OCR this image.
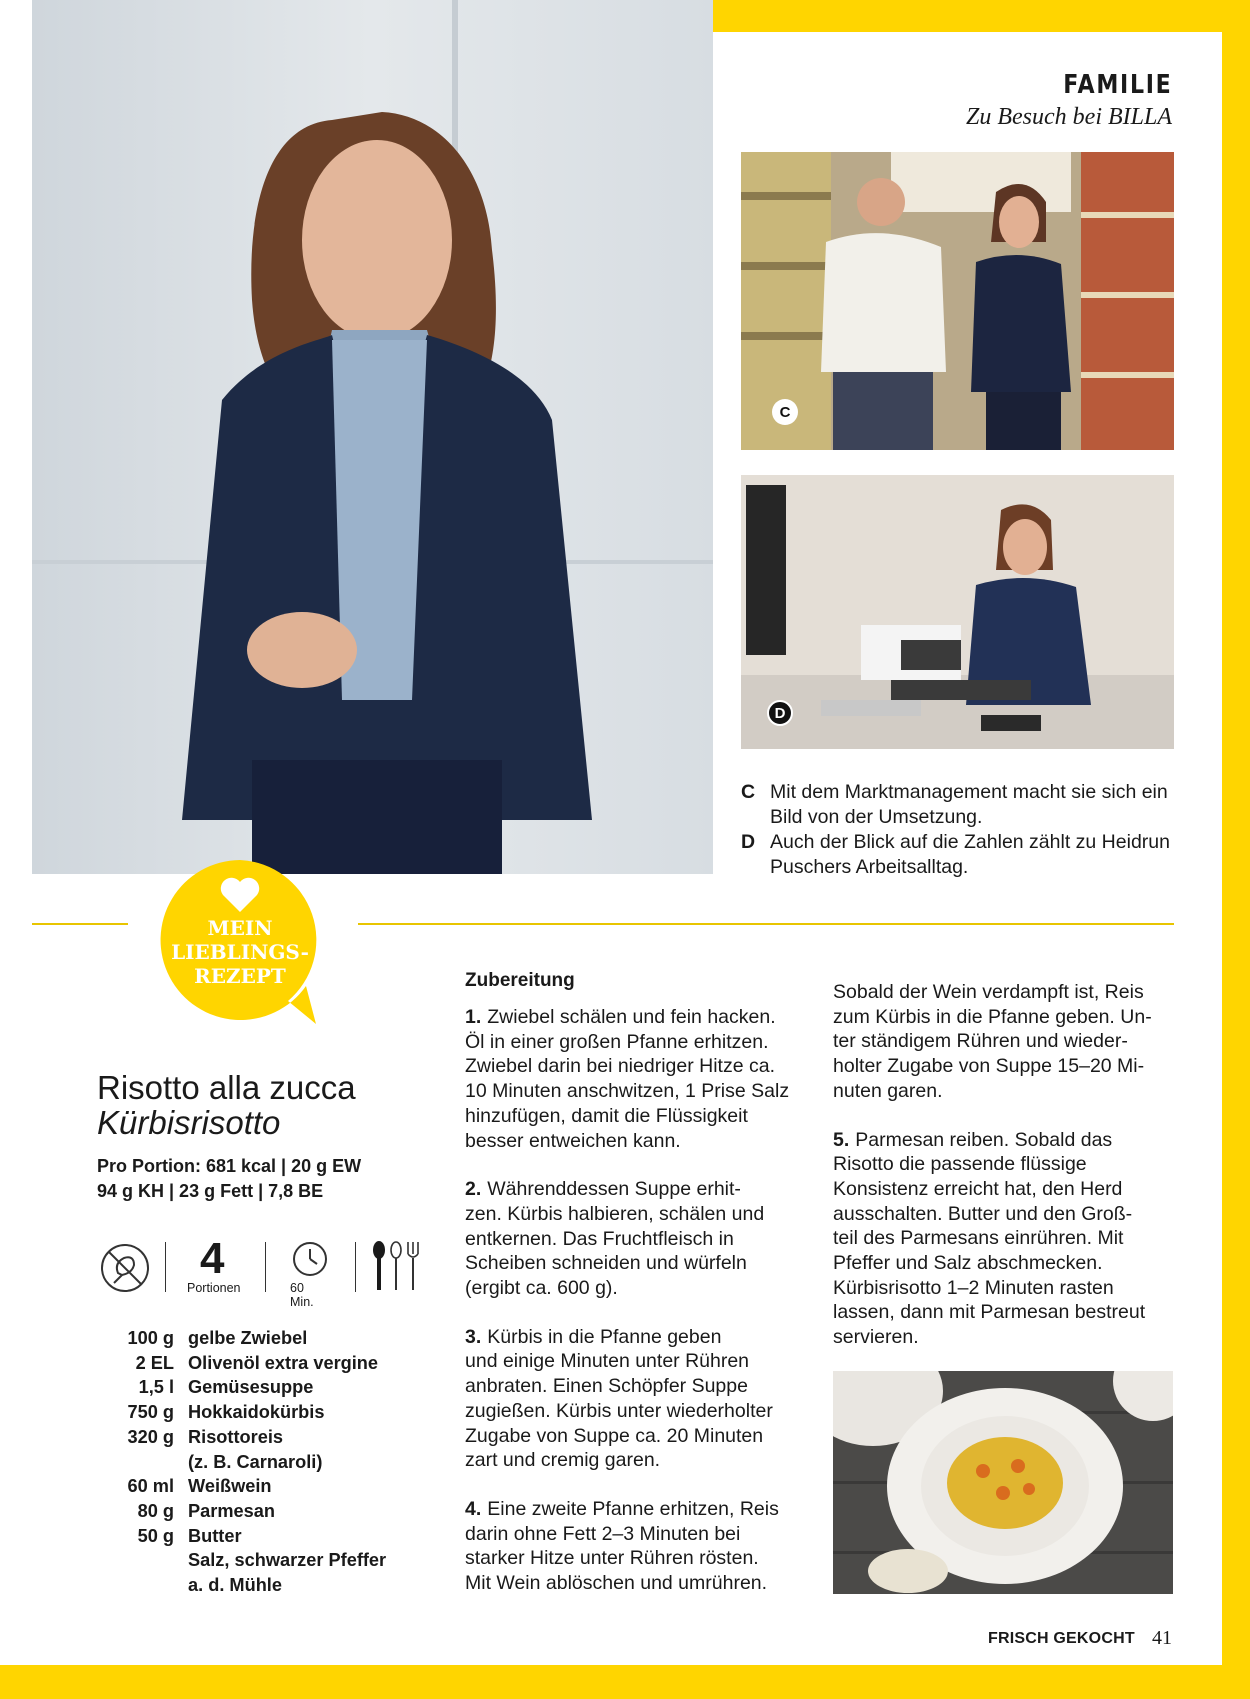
FAMILIE
Zu Besuch bei BILLA
C
D
C Mit dem Marktmanagement macht sie sich ein Bild von der Umsetzung.
D Auch der Blick auf die Zahlen zählt zu Heidrun Puschers Arbeitsalltag.
MEIN
LIEBLINGS-
REZEPT
Risotto alla zucca
Kürbisrisotto
Pro Portion: 681 kcal | 20 g EW
94 g KH | 23 g Fett | 7,8 BE
4
Portionen	60 Min.
100 g gelbe Zwiebel
2 EL Olivenöl extra vergine
1,5 l Gemüsesuppe
750 g Hokkaidokürbis
320 g Risottoreis
(z. B. Carnaroli)
60 ml Weißwein
80 g Parmesan
50 g Butter
Salz, schwarzer Pfeffer
a. d. Mühle
Zubereitung
1. Zwiebel schälen und fein hacken.
Öl in einer großen Pfanne erhitzen.
Zwiebel darin bei niedriger Hitze ca.
10 Minuten anschwitzen, 1 Prise Salz
hinzufügen, damit die Flüssigkeit
besser entweichen kann.
2. Währenddessen Suppe erhit-
zen. Kürbis halbieren, schälen und
entkernen. Das Fruchtfleisch in
Scheiben schneiden und würfeln
(ergibt ca. 600 g).
3. Kürbis in die Pfanne geben
und einige Minuten unter Rühren
anbraten. Einen Schöpfer Suppe
zugießen. Kürbis unter wiederholter
Zugabe von Suppe ca. 20 Minuten
zart und cremig garen.
4. Eine zweite Pfanne erhitzen, Reis
darin ohne Fett 2–3 Minuten bei
starker Hitze unter Rühren rösten.
Mit Wein ablöschen und umrühren.
Sobald der Wein verdampft ist, Reis
zum Kürbis in die Pfanne geben. Un-
ter ständigem Rühren und wieder-
holter Zugabe von Suppe 15–20 Mi-
nuten garen.
5. Parmesan reiben. Sobald das
Risotto die passende flüssige
Konsistenz erreicht hat, den Herd
ausschalten. Butter und den Groß-
teil des Parmesans einrühren. Mit
Pfeffer und Salz abschmecken.
Kürbisrisotto 1–2 Minuten rasten
lassen, dann mit Parmesan bestreut
servieren.
FRISCH GEKOCHT 41
